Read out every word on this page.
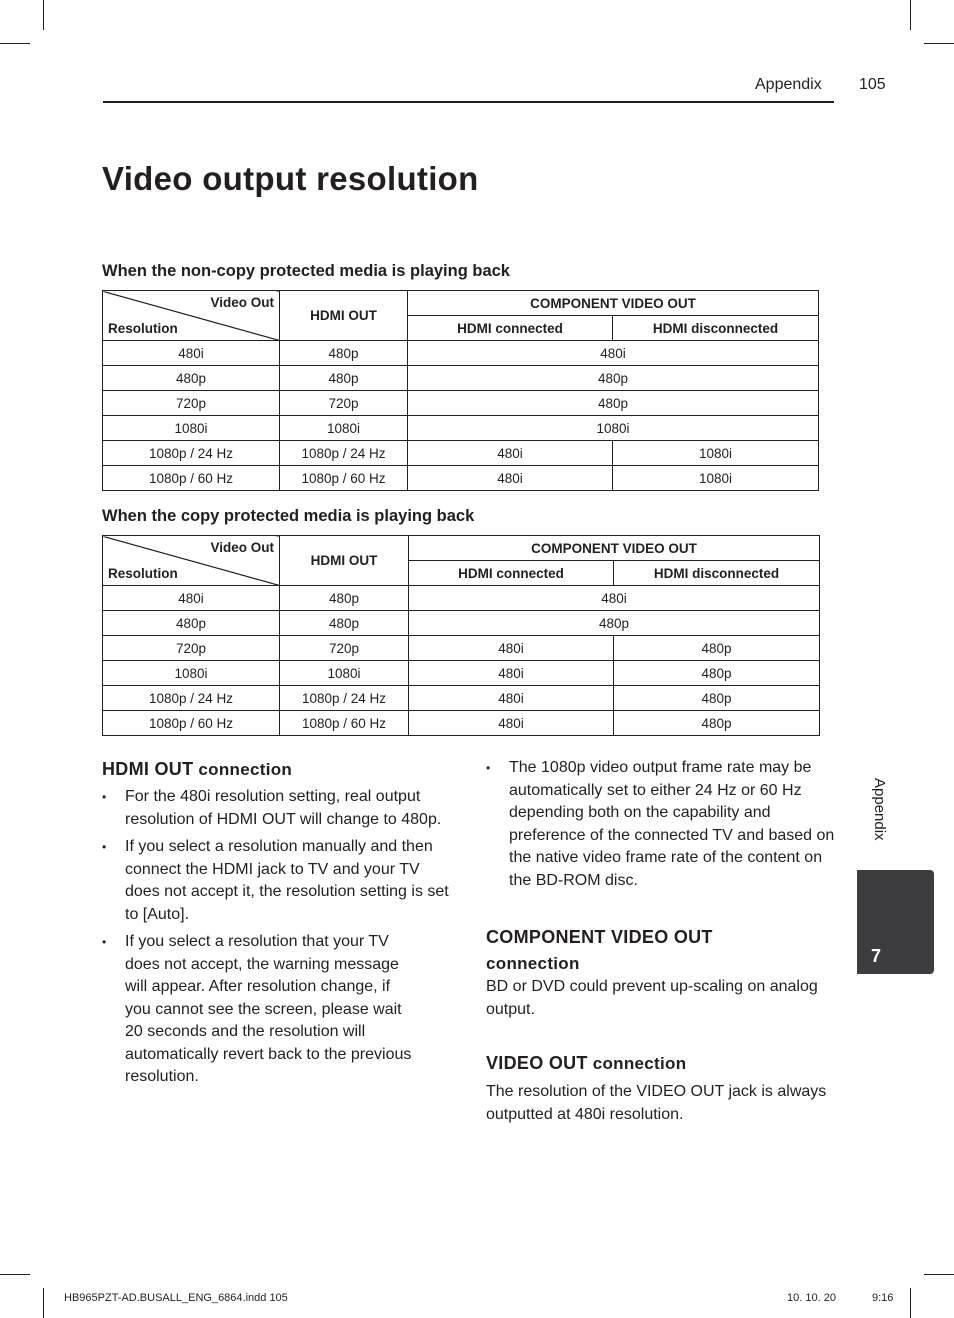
Appendix 105
Video output resolution
When the non-copy protected media is playing back
Video Out
Resolution	HDMI OUT	COMPONENT VIDEO OUT	
		HDMI connected	HDMI disconnected
480i	480p	480i	
480p	480p	480p	
720p	720p	480p	
1080i	1080i	1080i	
1080p / 24 Hz	1080p / 24 Hz	480i	1080i
1080p / 60 Hz	1080p / 60 Hz	480i	1080i
When the copy protected media is playing back
Video Out
Resolution	HDMI OUT	COMPONENT VIDEO OUT	
		HDMI connected	HDMI disconnected
480i	480p	480i	
480p	480p	480p	
720p	720p	480i	480p
1080i	1080i	480i	480p
1080p / 24 Hz	1080p / 24 Hz	480i	480p
1080p / 60 Hz	1080p / 60 Hz	480i	480p
HDMI OUT connection
• For the 480i resolution setting, real output resolution of HDMI OUT will change to 480p.
• If you select a resolution manually and then connect the HDMI jack to TV and your TV does not accept it, the resolution setting is set to [Auto].
• If you select a resolution that your TV does not accept, the warning message will appear. After resolution change, if you cannot see the screen, please wait 20 seconds and the resolution will automatically revert back to the previous resolution.
• The 1080p video output frame rate may be automatically set to either 24 Hz or 60 Hz depending both on the capability and preference of the connected TV and based on the native video frame rate of the content on the BD-ROM disc.
COMPONENT VIDEO OUT
connection

BD or DVD could prevent up-scaling on analog output.

VIDEO OUT connection

The resolution of the VIDEO OUT jack is always outputted at 480i resolution.

Appendix
7
HB965PZT-AD.BUSALL_ENG_6864.indd 105	10. 10. 20	9:16
